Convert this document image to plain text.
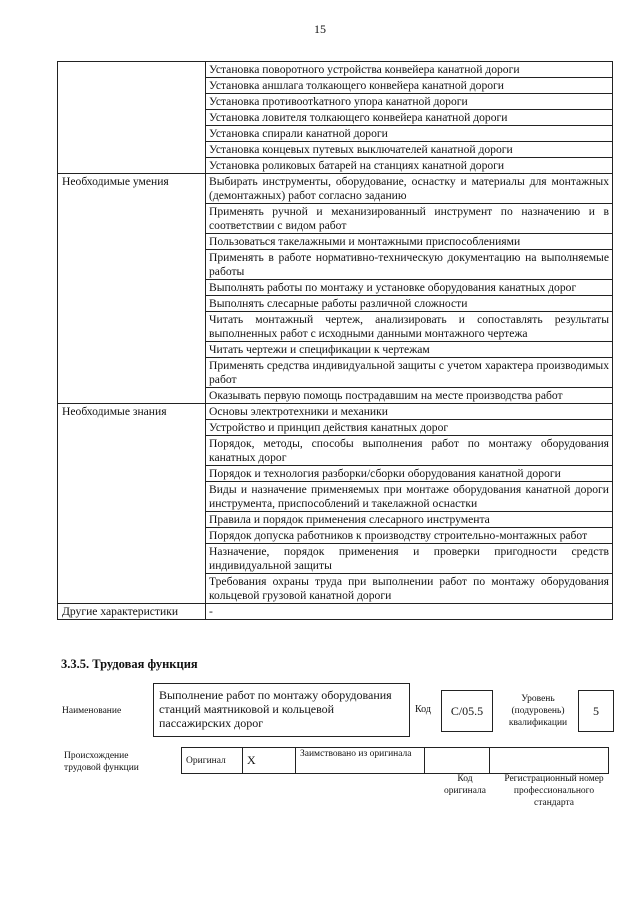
15
	Установка поворотного устройства конвейера канатной дороги
	Установка аншлага толкающего конвейера канатной дороги
	Установка противоотkатного упора канатной дороги
	Установка ловителя толкающего конвейера канатной дороги
	Установка спирали канатной дороги
	Установка концевых путевых выключателей канатной дороги
	Установка роликовых батарей на станциях канатной дороги
Необходимые умения	Выбирать инструменты, оборудование, оснастку и материалы для монтажных (демонтажных) работ согласно заданию
	Применять ручной и механизированный инструмент по назначению и в соответствии с видом работ
	Пользоваться такелажными и монтажными приспособлениями
	Применять в работе нормативно-техническую документацию на выполняемые работы
	Выполнять работы по монтажу и установке оборудования канатных дорог
	Выполнять слесарные работы различной сложности
	Читать монтажный чертеж, анализировать и сопоставлять результаты выполненных работ с исходными данными монтажного чертежа
	Читать чертежи и спецификации к чертежам
	Применять средства индивидуальной защиты с учетом характера производимых работ
	Оказывать первую помощь пострадавшим на месте производства работ
Необходимые знания	Основы электротехники и механики
	Устройство и принцип действия канатных дорог
	Порядок, методы, способы выполнения работ по монтажу оборудования канатных дорог
	Порядок и технология разборки/сборки оборудования канатной дороги
	Виды и назначение применяемых при монтаже оборудования канатной дороги инструмента, приспособлений и такелажной оснастки
	Правила и порядок применения слесарного инструмента
	Порядок допуска работников к производству строительно-монтажных работ
	Назначение, порядок применения и проверки пригодности средств индивидуальной защиты
	Требования охраны труда при выполнении работ по монтажу оборудования кольцевой грузовой канатной дороги
Другие характеристики	-
3.3.5. Трудовая функция
Наименование
Выполнение работ по монтажу оборудования станций маятниковой и кольцевой пассажирских дорог
Код	С/05.5
Уровень (подуровень) квалификации
5
Происхождение трудовой функции
Оригинал	Х	Заимствовано из оригинала		
Код оригинала
Регистрационный номер профессионального стандарта
